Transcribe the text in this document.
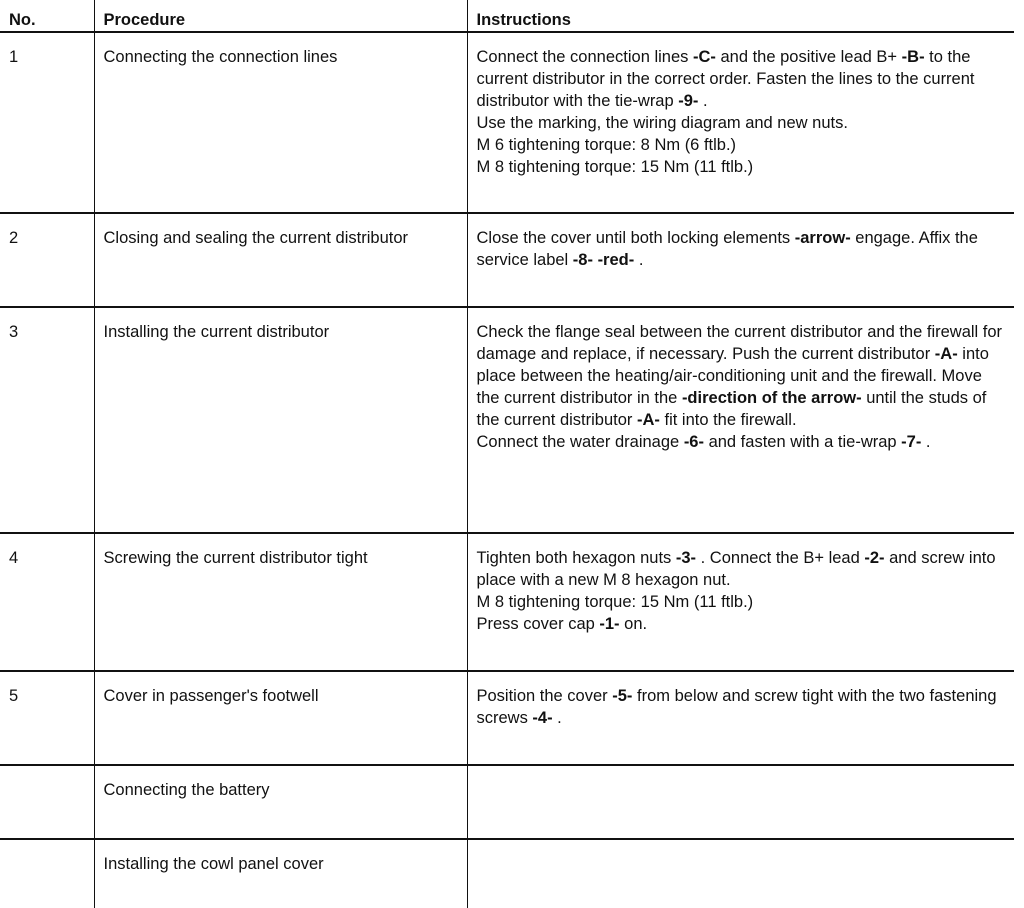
No.	Procedure	Instructions
1	Connecting the connection lines	Connect the connection lines -C- and the positive lead B+ -B- to the current distributor in the correct order. Fasten the lines to the current distributor with the tie-wrap -9- .
Use the marking, the wiring diagram and new nuts.
M 6 tightening torque: 8 Nm (6 ftlb.)
M 8 tightening torque: 15 Nm (11 ftlb.)

2	Closing and sealing the current distributor	Close the cover until both locking elements -arrow- engage. Affix the service label -8- -red- .

3	Installing the current distributor	Check the flange seal between the current distributor and the firewall for damage and replace, if necessary. Push the current distributor -A- into place between the heating/air-conditioning unit and the firewall. Move the current distributor in the -direction of the arrow- until the studs of the current distributor -A- fit into the firewall.
Connect the water drainage -6- and fasten with a tie-wrap -7- .

4	Screwing the current distributor tight	Tighten both hexagon nuts -3- . Connect the B+ lead -2- and screw into place with a new M 8 hexagon nut.
M 8 tightening torque: 15 Nm (11 ftlb.)
Press cover cap -1- on.

5	Cover in passenger's footwell	Position the cover -5- from below and screw tight with the two fastening screws -4- .

	Connecting the battery	
	Installing the cowl panel cover	
